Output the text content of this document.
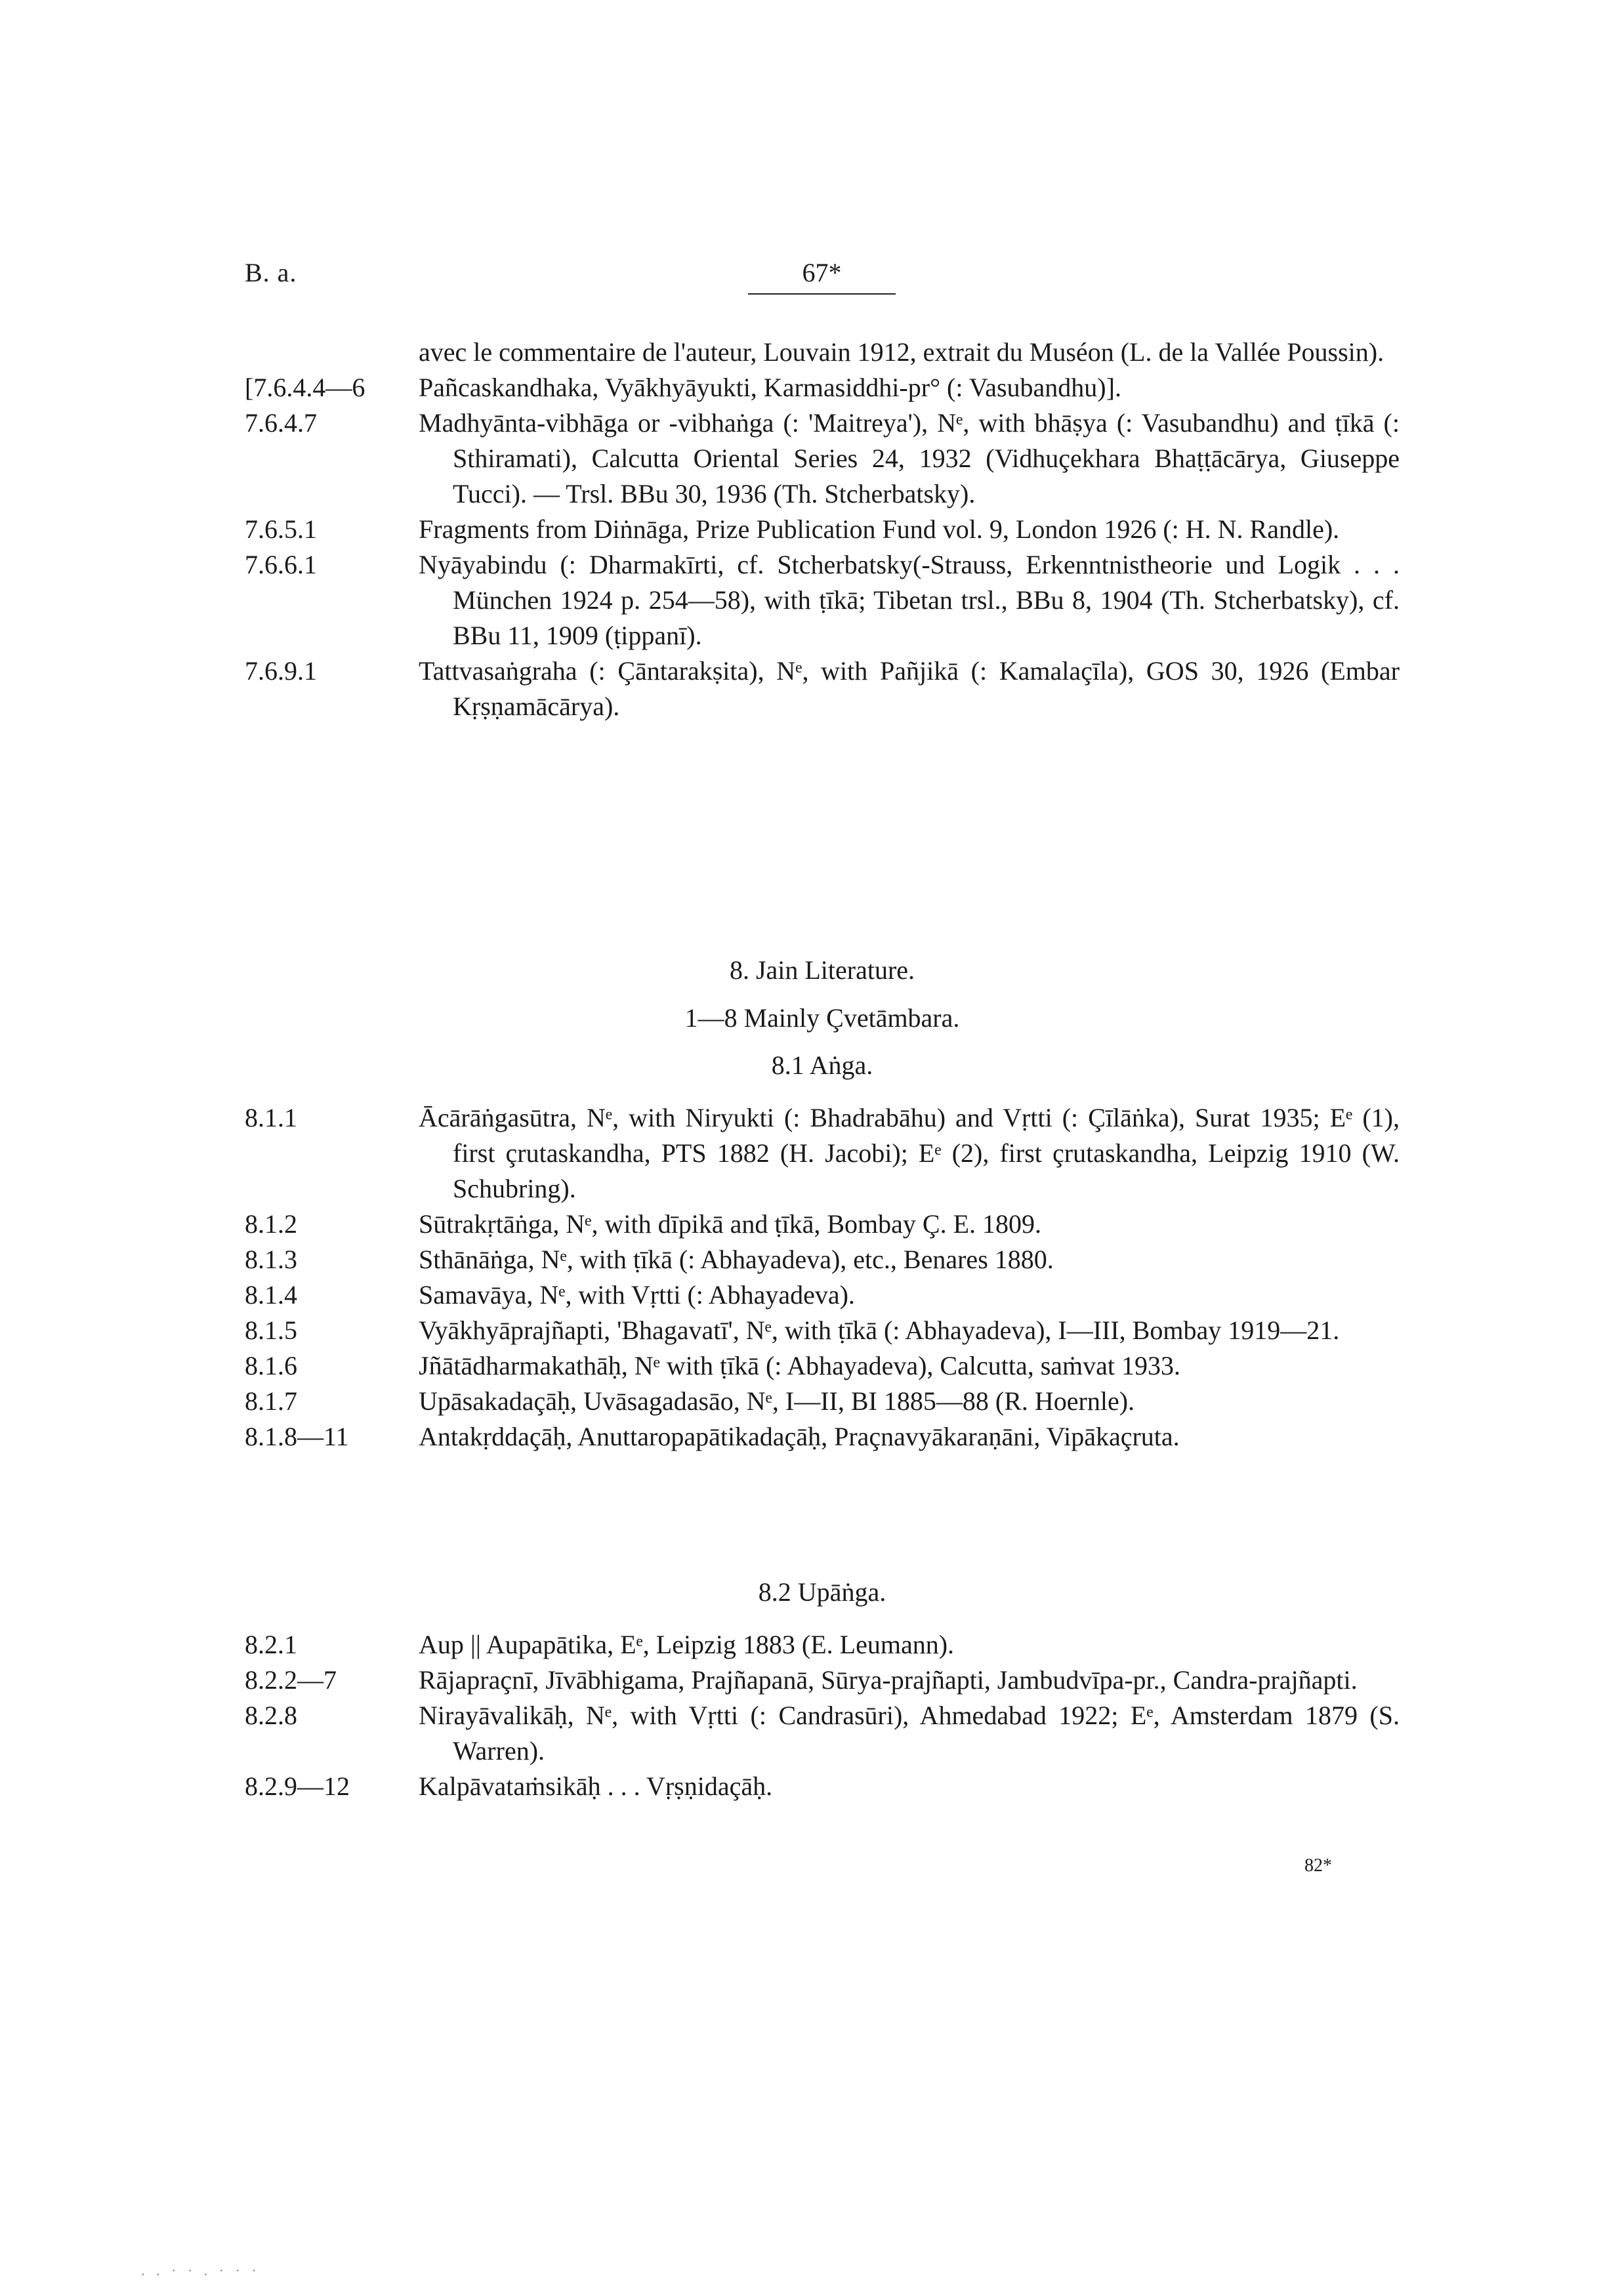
B. a.	67*
avec le commentaire de l'auteur, Louvain 1912, extrait du Muséon (L. de la Vallée Poussin).
[7.6.4.4—6	Pañcaskandhaka, Vyākhyāyukti, Karmasiddhi-pr° (: Vasubandhu)].
7.6.4.7	Madhyānta-vibhāga or -vibhaṅga (: 'Maitreya'), Nᵉ, with bhāṣya (: Vasubandhu) and ṭīkā (: Sthiramati), Calcutta Oriental Series 24, 1932 (Vidhuçekhara Bhaṭṭācārya, Giuseppe Tucci). — Trsl. BBu 30, 1936 (Th. Stcherbatsky).
7.6.5.1	Fragments from Diṅnāga, Prize Publication Fund vol. 9, London 1926 (: H. N. Randle).
7.6.6.1	Nyāyabindu (: Dharmakīrti, cf. Stcherbatsky(-Strauss, Erkenntnistheorie und Logik . . . München 1924 p. 254—58), with ṭīkā; Tibetan trsl., BBu 8, 1904 (Th. Stcherbatsky), cf. BBu 11, 1909 (ṭippanī).
7.6.9.1	Tattvasaṅgraha (: Çāntarakṣita), Nᵉ, with Pañjikā (: Kamalaçīla), GOS 30, 1926 (Embar Kṛṣṇamācārya).
8. Jain Literature.
1—8 Mainly Çvetāmbara.
8.1 Aṅga.
8.1.1	Ācārāṅgasūtra, Nᵉ, with Niryukti (: Bhadrabāhu) and Vṛtti (: Çīlāṅka), Surat 1935; Eᵉ (1), first çrutaskandha, PTS 1882 (H. Jacobi); Eᵉ (2), first çrutaskandha, Leipzig 1910 (W. Schubring).
8.1.2	Sūtrakṛtāṅga, Nᵉ, with dīpikā and ṭīkā, Bombay Ç. E. 1809.
8.1.3	Sthānāṅga, Nᵉ, with ṭīkā (: Abhayadeva), etc., Benares 1880.
8.1.4	Samavāya, Nᵉ, with Vṛtti (: Abhayadeva).
8.1.5	Vyākhyāprajñapti, 'Bhagavatī', Nᵉ, with ṭīkā (: Abhayadeva), I—III, Bombay 1919—21.
8.1.6	Jñātādharmakathāḥ, Nᵉ with ṭīkā (: Abhayadeva), Calcutta, saṁvat 1933.
8.1.7	Upāsakadaçāḥ, Uvāsagadasāo, Nᵉ, I—II, BI 1885—88 (R. Hoernle).
8.1.8—11	Antakṛddaçāḥ, Anuttaropapātikadaçāḥ, Praçnavyākaraṇāni, Vipākaçruta.
8.2 Upāṅga.
8.2.1	Aup || Aupapātika, Eᵉ, Leipzig 1883 (E. Leumann).
8.2.2—7	Rājapraçnī, Jīvābhigama, Prajñapanā, Sūrya-prajñapti, Jambudvīpa-pr., Candra-prajñapti.
8.2.8	Nirayāvalikāḥ, Nᵉ, with Vṛtti (: Candrasūri), Ahmedabad 1922; Eᵉ, Amsterdam 1879 (S. Warren).
8.2.9—12	Kalpāvataṁsikāḥ . . . Vṛṣṇidaçāḥ.
82*
. . · · . · · ·
